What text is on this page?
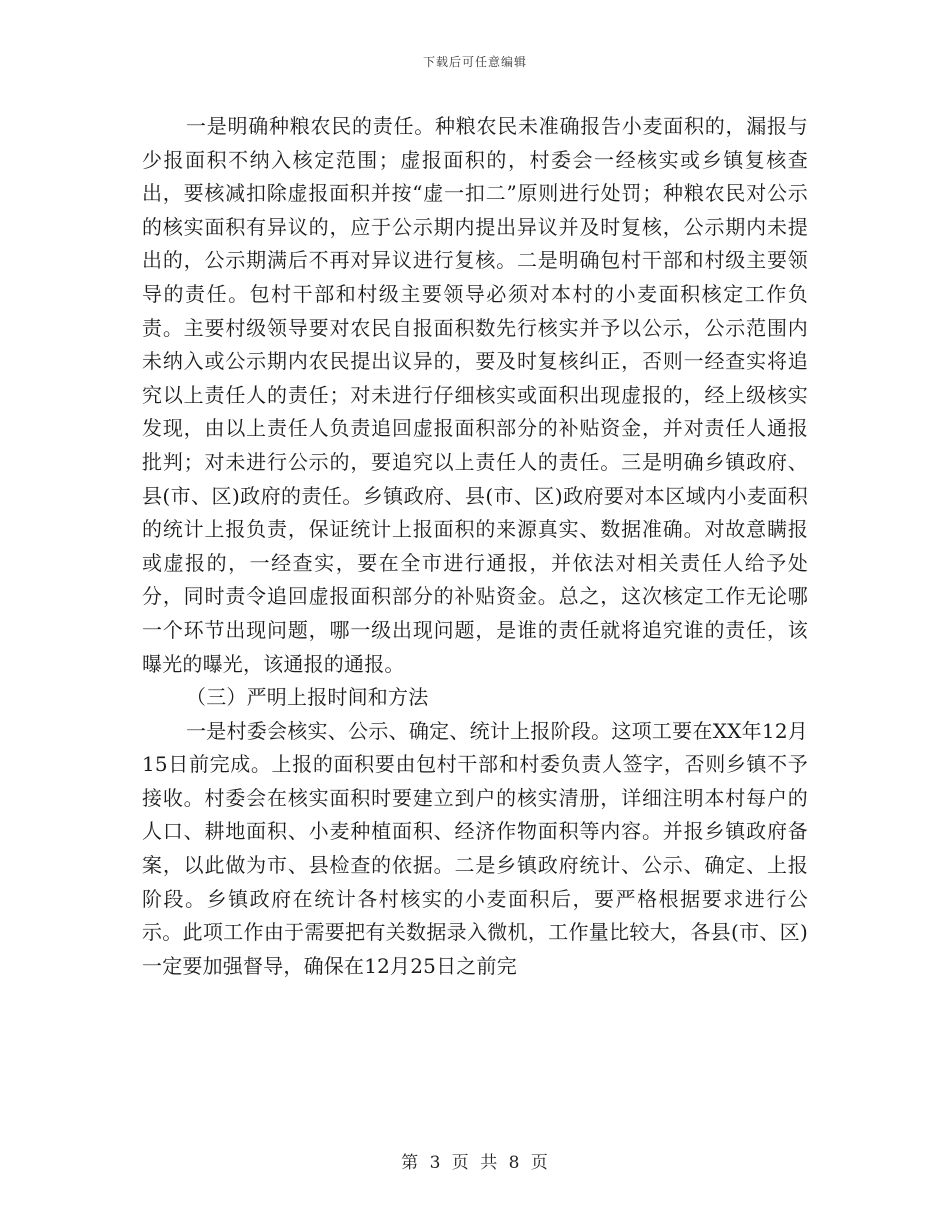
下载后可任意编辑

一是明确种粮农民的责任。种粮农民未准确报告小麦面积的，漏报与少报面积不纳入核定范围；虚报面积的，村委会一经核实或乡镇复核查出，要核减扣除虚报面积并按“虚一扣二”原则进行处罚；种粮农民对公示的核实面积有异议的，应于公示期内提出异议并及时复核，公示期内未提出的，公示期满后不再对异议进行复核。二是明确包村干部和村级主要领导的责任。包村干部和村级主要领导必须对本村的小麦面积核定工作负责。主要村级领导要对农民自报面积数先行核实并予以公示，公示范围内未纳入或公示期内农民提出议异的，要及时复核纠正，否则一经查实将追究以上责任人的责任；对未进行仔细核实或面积出现虚报的，经上级核实发现，由以上责任人负责追回虚报面积部分的补贴资金，并对责任人通报批判；对未进行公示的，要追究以上责任人的责任。三是明确乡镇政府、县(市、区)政府的责任。乡镇政府、县(市、区)政府要对本区域内小麦面积的统计上报负责，保证统计上报面积的来源真实、数据准确。对故意瞒报或虚报的，一经查实，要在全市进行通报，并依法对相关责任人给予处分，同时责令追回虚报面积部分的补贴资金。总之，这次核定工作无论哪一个环节出现问题，哪一级出现问题，是谁的责任就将追究谁的责任，该曝光的曝光，该通报的通报。

（三）严明上报时间和方法

一是村委会核实、公示、确定、统计上报阶段。这项工要在XX年12月15日前完成。上报的面积要由包村干部和村委负责人签字，否则乡镇不予接收。村委会在核实面积时要建立到户的核实清册，详细注明本村每户的人口、耕地面积、小麦种植面积、经济作物面积等内容。并报乡镇政府备案，以此做为市、县检查的依据。二是乡镇政府统计、公示、确定、上报阶段。乡镇政府在统计各村核实的小麦面积后，要严格根据要求进行公示。此项工作由于需要把有关数据录入微机，工作量比较大，各县(市、区)一定要加强督导，确保在12月25日之前完

第 3 页 共 8 页
